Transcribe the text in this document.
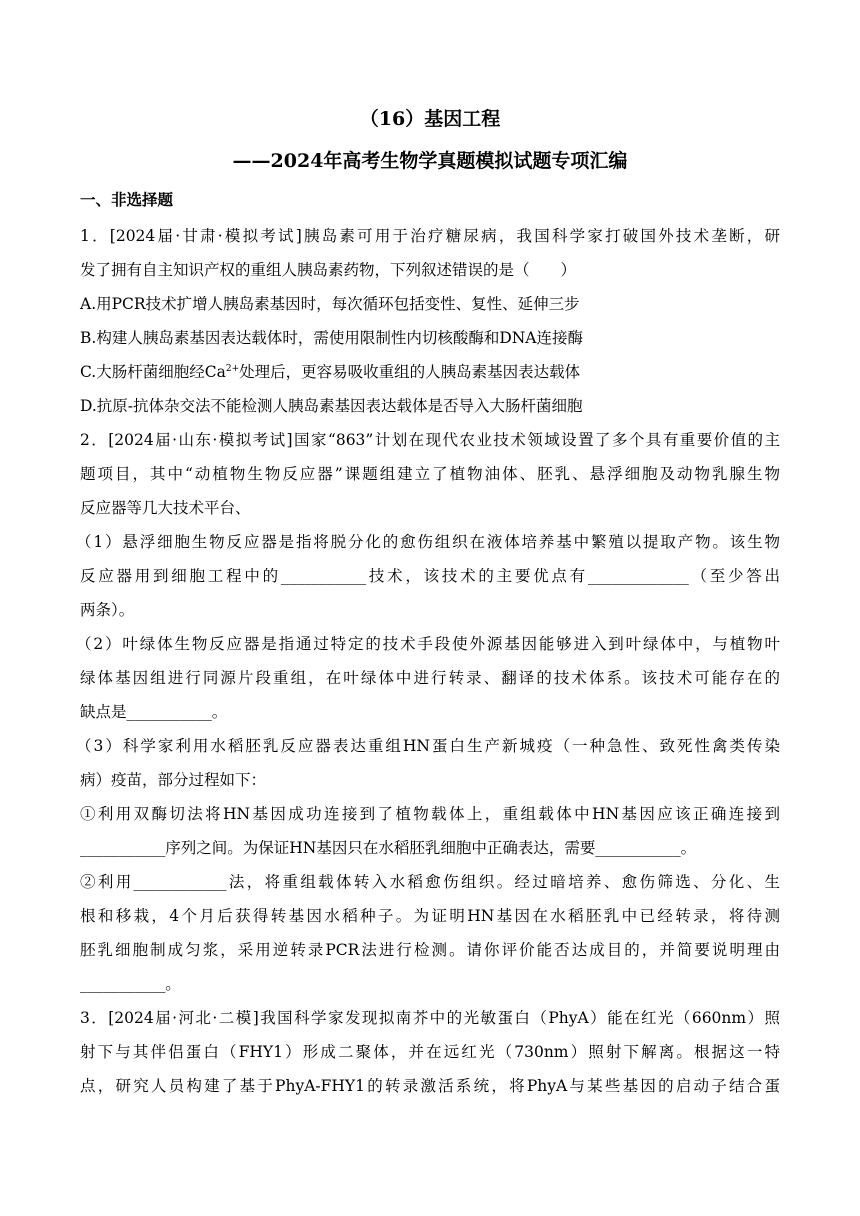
（16）基因工程
——2024年高考生物学真题模拟试题专项汇编
一、非选择题
1．[2024届·甘肃·模拟考试]胰岛素可用于治疗糖尿病，我国科学家打破国外技术垄断，研
发了拥有自主知识产权的重组人胰岛素药物，下列叙述错误的是（　　）
A.用PCR技术扩增人胰岛素基因时，每次循环包括变性、复性、延伸三步
B.构建人胰岛素基因表达载体时，需使用限制性内切核酸酶和DNA连接酶
C.大肠杆菌细胞经$Ca^{2+}$处理后，更容易吸收重组的人胰岛素基因表达载体
D.抗原-抗体杂交法不能检测人胰岛素基因表达载体是否导入大肠杆菌细胞
2．[2024届·山东·模拟考试]国家“863”计划在现代农业技术领域设置了多个具有重要价值的主
题项目，其中“动植物生物反应器”课题组建立了植物油体、胚乳、悬浮细胞及动物乳腺生物
反应器等几大技术平台、
（1）悬浮细胞生物反应器是指将脱分化的愈伤组织在液体培养基中繁殖以提取产物。该生物
反应器用到细胞工程中的___________技术，该技术的主要优点有_____________（至少答出
两条）。
（2）叶绿体生物反应器是指通过特定的技术手段使外源基因能够进入到叶绿体中，与植物叶
绿体基因组进行同源片段重组，在叶绿体中进行转录、翻译的技术体系。该技术可能存在的
缺点是___________。
（3）科学家利用水稻胚乳反应器表达重组HN蛋白生产新城疫（一种急性、致死性禽类传染
病）疫苗，部分过程如下：
①利用双酶切法将HN基因成功连接到了植物载体上，重组载体中HN基因应该正确连接到
___________序列之间。为保证HN基因只在水稻胚乳细胞中正确表达，需要___________。
②利用____________法，将重组载体转入水稻愈伤组织。经过暗培养、愈伤筛选、分化、生
根和移栽，4个月后获得转基因水稻种子。为证明HN基因在水稻胚乳中已经转录，将待测
胚乳细胞制成匀浆，采用逆转录PCR法进行检测。请你评价能否达成目的，并简要说明理由
___________。
3．[2024届·河北·二模]我国科学家发现拟南芥中的光敏蛋白（PhyA）能在红光（660nm）照
射下与其伴侣蛋白（FHY1）形成二聚体，并在远红光（730nm）照射下解离。根据这一特
点，研究人员构建了基于PhyA-FHY1的转录激活系统，将PhyA与某些基因的启动子结合蛋
